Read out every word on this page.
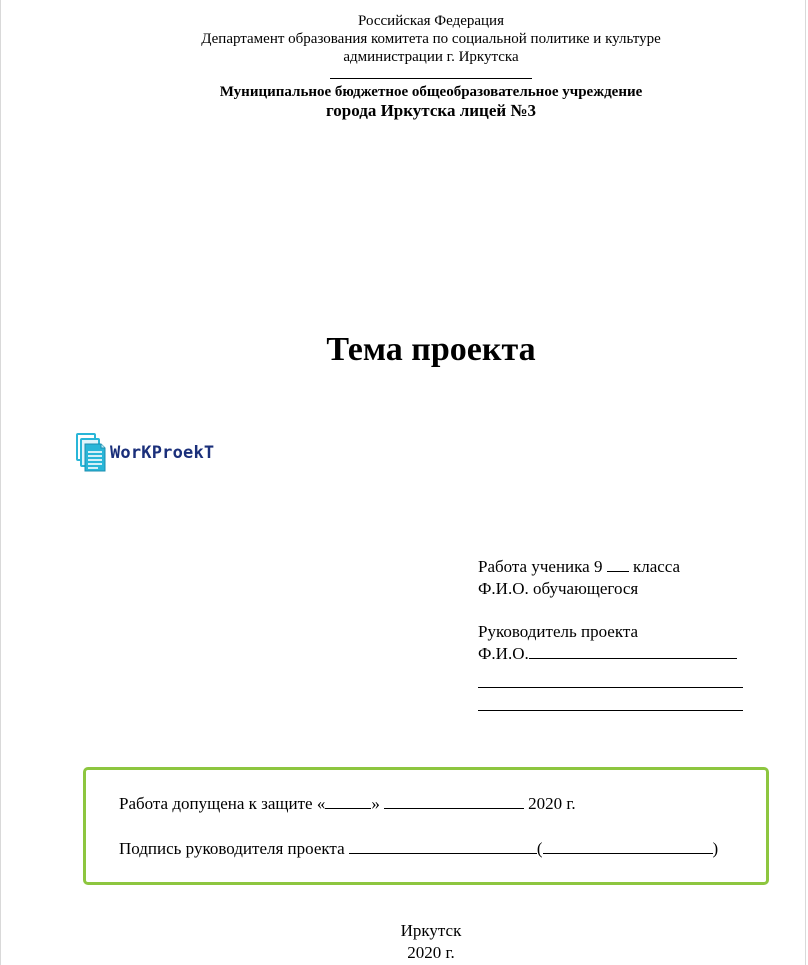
Российская Федерация
Департамент образования комитета по социальной политике и культуре
администрации г. Иркутска
Муниципальное бюджетное общеобразовательное учреждение
города Иркутска лицей №3
Тема проекта
WorKProekT
Работа ученика 9 класса
Ф.И.О. обучающегося
Руководитель проекта
Ф.И.О.
Работа допущена к защите «	»	2020 г.
Подпись руководителя проекта	(	)
Иркутск
2020 г.
